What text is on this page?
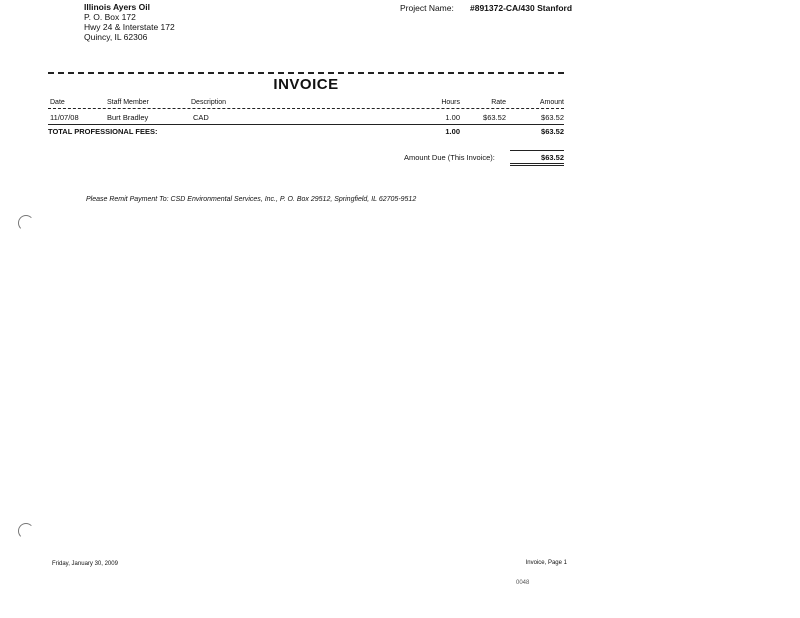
Illinois Ayers Oil
P. O. Box 172
Hwy 24 & Interstate 172
Quincy, IL 62306
Project Name: #891372-CA/430 Stanford
INVOICE
Date	Staff Member	Description	Hours	Rate	Amount
11/07/08	Burt Bradley	CAD	1.00	$63.52	$63.52
TOTAL PROFESSIONAL FEES:	1.00	$63.52
Amount Due (This Invoice):	$63.52
Please Remit Payment To: CSD Environmental Services, Inc., P. O. Box 29512, Springfield, IL 62705-9512
Friday, January 30, 2009	Invoice, Page 1
0048
